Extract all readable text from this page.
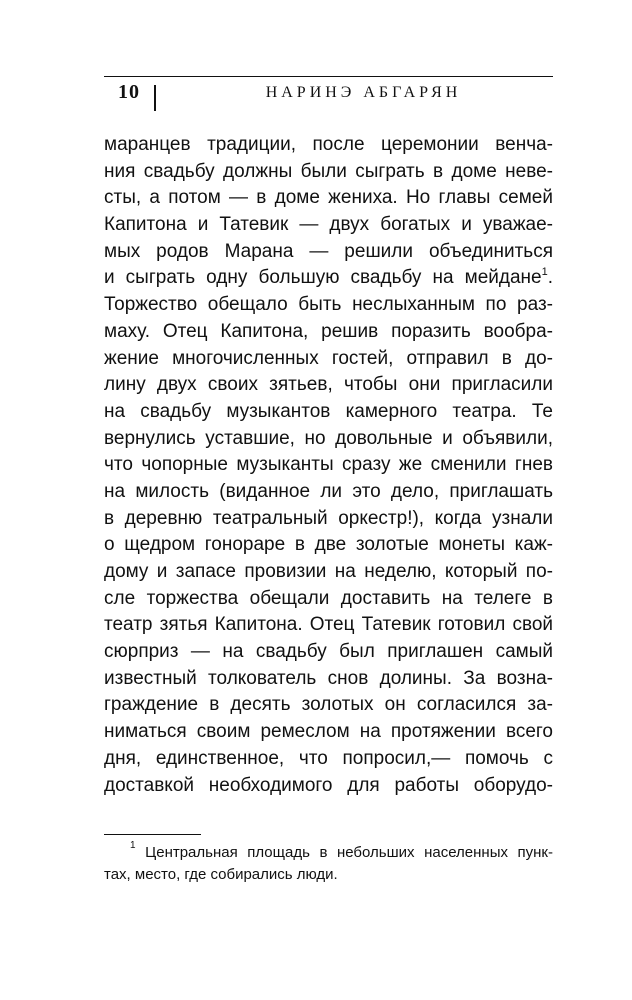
10	НАРИНЭ АБГАРЯН
маранцев традиции, после церемонии венча-
ния свадьбу должны были сыграть в доме неве-
сты, а потом — в доме жениха. Но главы семей
Капитона и Татевик — двух богатых и уважае-
мых родов Марана — решили объединиться
и сыграть одну большую свадьбу на мейдане$^1$.
Торжество обещало быть неслыханным по раз-
маху. Отец Капитона, решив поразить вообра-
жение многочисленных гостей, отправил в до-
лину двух своих зятьев, чтобы они пригласили
на свадьбу музыкантов камерного театра. Те
вернулись уставшие, но довольные и объявили,
что чопорные музыканты сразу же сменили гнев
на милость (виданное ли это дело, приглашать
в деревню театральный оркестр!), когда узнали
о щедром гонораре в две золотые монеты каж-
дому и запасе провизии на неделю, который по-
сле торжества обещали доставить на телеге в
театр зятья Капитона. Отец Татевик готовил свой
сюрприз — на свадьбу был приглашен самый
известный толкователь снов долины. За возна-
граждение в десять золотых он согласился за-
ниматься своим ремеслом на протяжении всего
дня, единственное, что попросил,— помочь с
доставкой необходимого для работы оборудо-
$^1$ Центральная площадь в небольших населенных пунк-
тах, место, где собирались люди.
